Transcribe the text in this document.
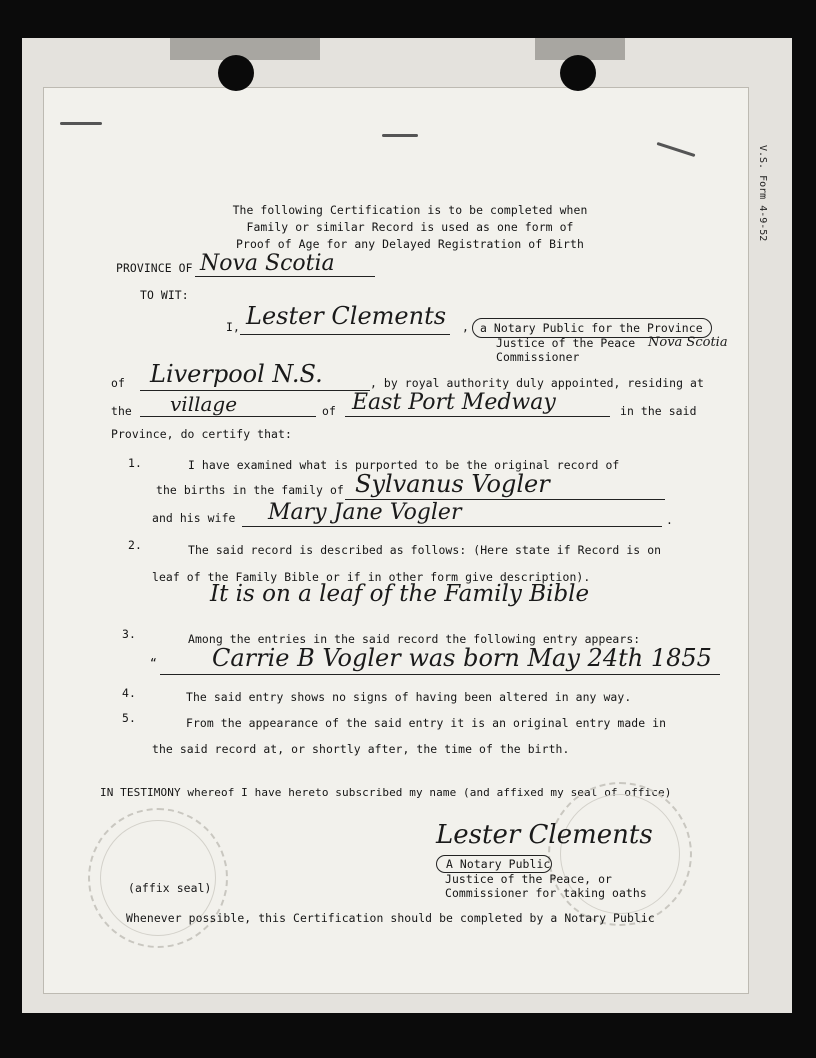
V.S. Form 4-9-52
The following Certification is to be completed when
Family or similar Record is used as one form of
Proof of Age for any Delayed Registration of Birth
PROVINCE OF Nova Scotia
TO WIT:
I, Lester Clements , a Notary Public for the Province
Justice of the Peace
Commissioner
Nova Scotia
of Liverpool N.S.	, by royal authority duly appointed, residing at
the village	of East Port Medway	in the said
Province, do certify that:
1.	I have examined what is purported to be the original record of
the births in the family of Sylvanus Vogler
and his wife Mary Jane Vogler	.
2.	The said record is described as follows: (Here state if Record is on
leaf of the Family Bible or if in other form give description).
It is on a leaf of the Family Bible
3.	Among the entries in the said record the following entry appears:
“ Carrie B Vogler was born May 24th 1855
4.	The said entry shows no signs of having been altered in any way.
5.	From the appearance of the said entry it is an original entry made in
the said record at, or shortly after, the time of the birth.
IN TESTIMONY whereof I have hereto subscribed my name (and affixed my seal of office)
Lester Clements
A Notary Public
Justice of the Peace, or
Commissioner for taking oaths
(affix seal)
Whenever possible, this Certification should be completed by a Notary Public
